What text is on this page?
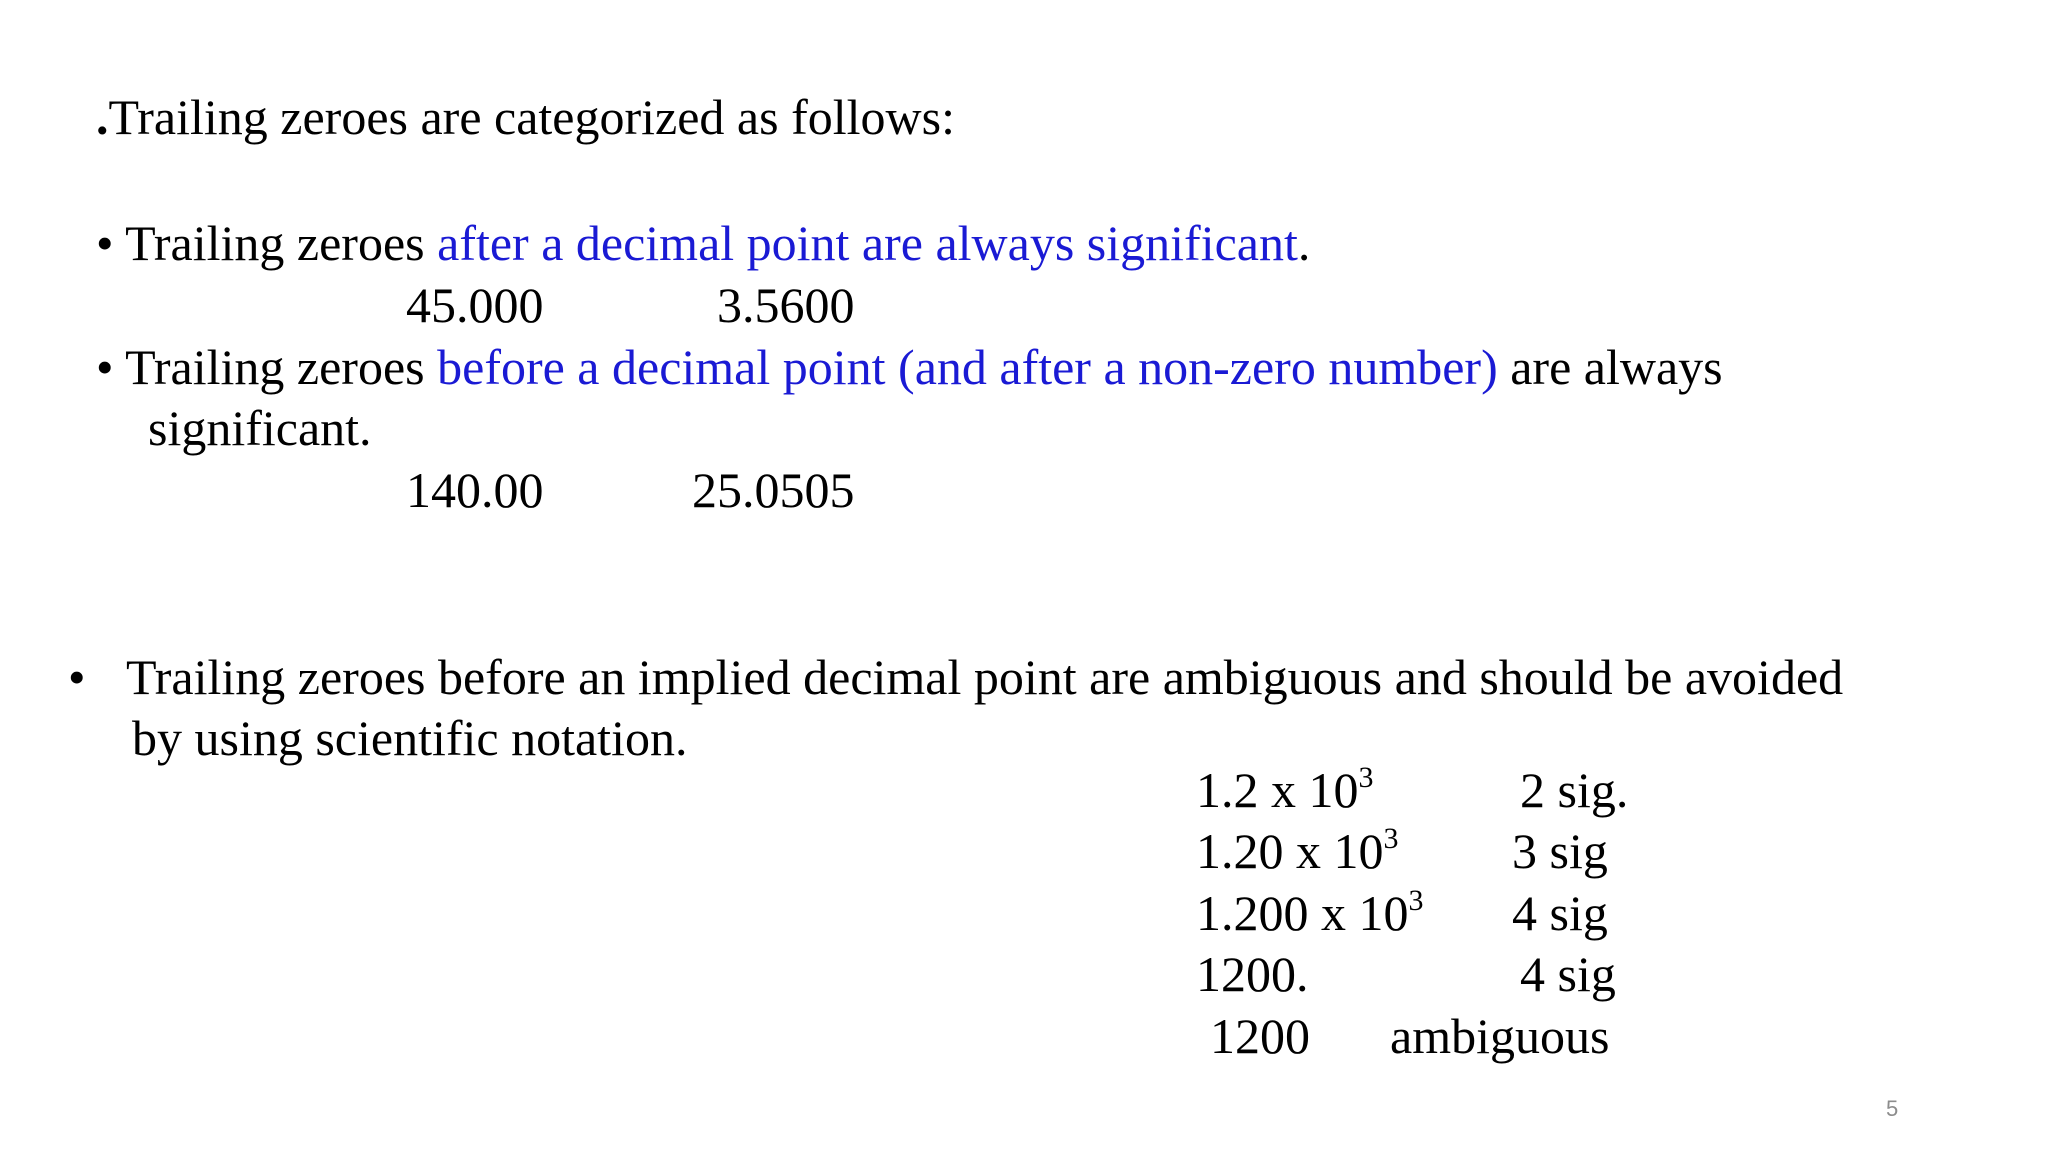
.Trailing zeroes are categorized as follows:
• Trailing zeroes after a decimal point are always significant.
45.000	3.5600
• Trailing zeroes before a decimal point (and after a non-zero number) are always
significant.
140.00	25.0505
• Trailing zeroes before an implied decimal point are ambiguous and should be avoided
by using scientific notation.
1.2 x $10^3$	2 sig.
1.20 x $10^3$ 3 sig
1.200 x $10^3$ 4 sig
1200.	4 sig
1200 ambiguous
5
